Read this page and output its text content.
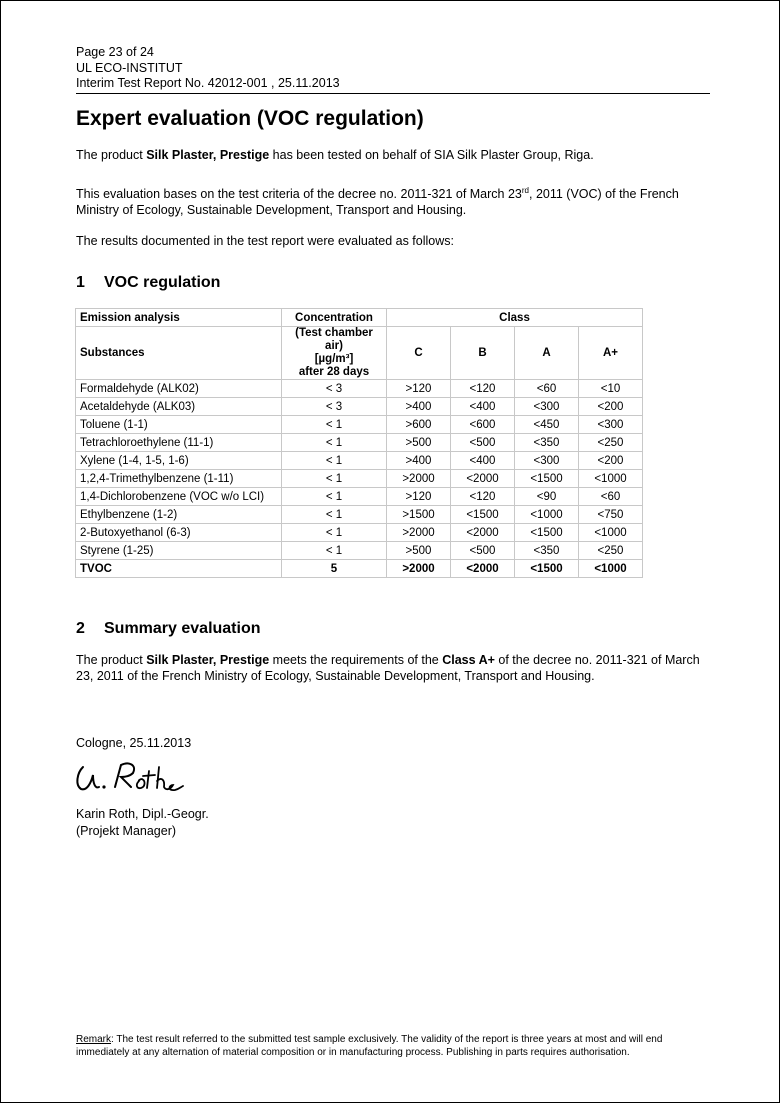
Page 23 of 24
UL ECO-INSTITUT
Interim Test Report No. 42012-001 , 25.11.2013
Expert evaluation (VOC regulation)

The product Silk Plaster, Prestige has been tested on behalf of SIA Silk Plaster Group, Riga.

This evaluation bases on the test criteria of the decree no. 2011-321 of March 23rd, 2011 (VOC) of the French Ministry of Ecology, Sustainable Development, Transport and Housing.

The results documented in the test report were evaluated as follows:

1 VOC regulation
Emission analysis	Concentration	Class			
Substances	(Test chamber air)
[µg/m³]
after 28 days	C	B	A	A+
Formaldehyde (ALK02)	< 3	>120	<120	<60	<10
Acetaldehyde (ALK03)	< 3	>400	<400	<300	<200
Toluene (1-1)	< 1	>600	<600	<450	<300
Tetrachloroethylene (11-1)	< 1	>500	<500	<350	<250
Xylene (1-4, 1-5, 1-6)	< 1	>400	<400	<300	<200
1,2,4-Trimethylbenzene (1-11)	< 1	>2000	<2000	<1500	<1000
1,4-Dichlorobenzene (VOC w/o LCI)	< 1	>120	<120	<90	<60
Ethylbenzene (1-2)	< 1	>1500	<1500	<1000	<750
2-Butoxyethanol (6-3)	< 1	>2000	<2000	<1500	<1000
Styrene (1-25)	< 1	>500	<500	<350	<250
TVOC	5	>2000	<2000	<1500	<1000
2 Summary evaluation

The product Silk Plaster, Prestige meets the requirements of the Class A+ of the decree no. 2011-321 of March 23, 2011 of the French Ministry of Ecology, Sustainable Development, Transport and Housing.

Cologne, 25.11.2013

Karin Roth, Dipl.-Geogr.

(Projekt Manager)

Remark: The test result referred to the submitted test sample exclusively. The validity of the report is three years at most and will end immediately at any alternation of material composition or in manufacturing process. Publishing in parts requires authorisation.
